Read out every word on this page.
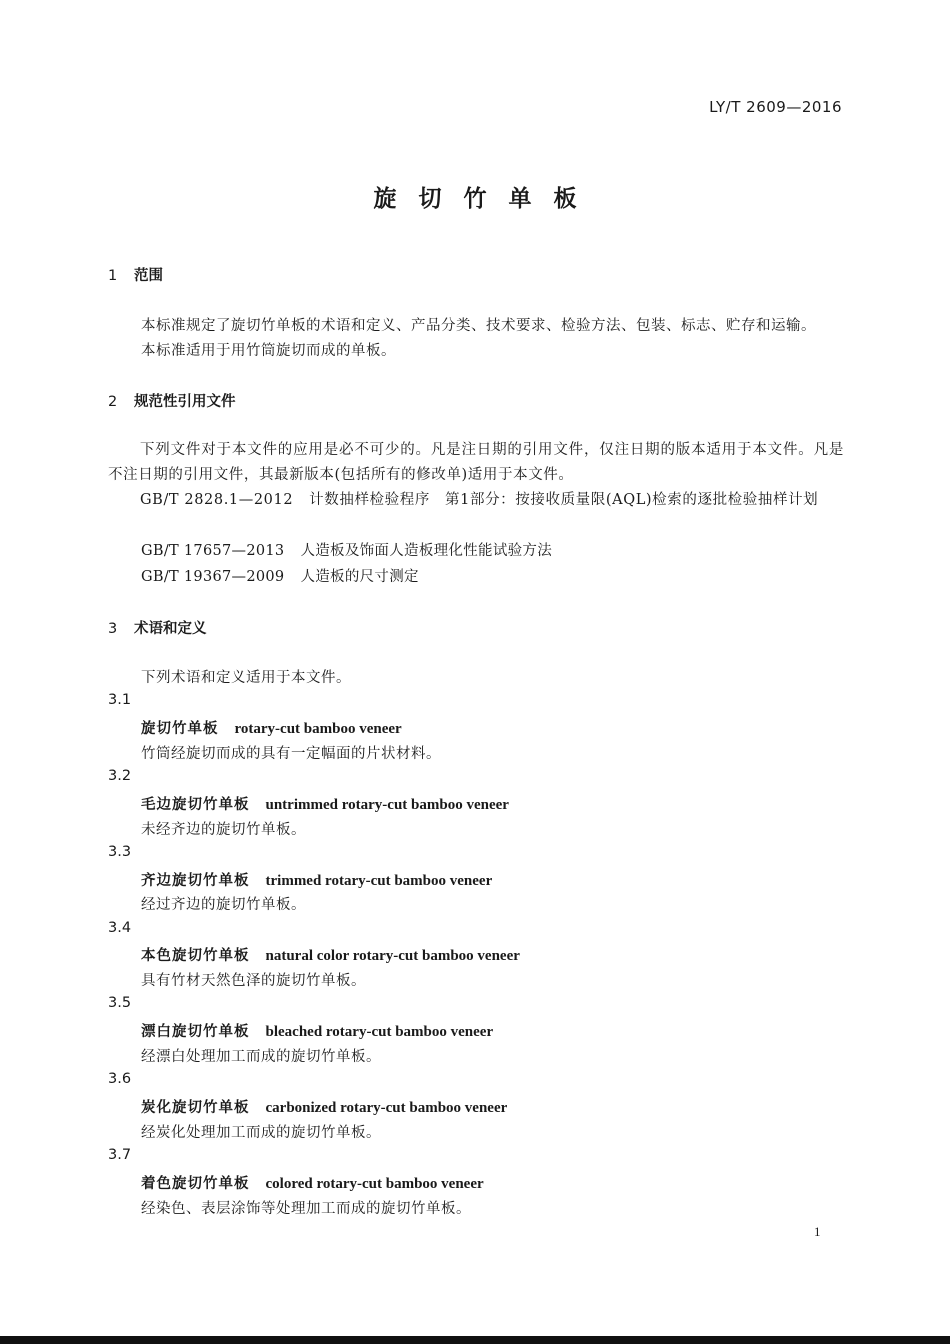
LY/T 2609—2016
旋切竹单板
1 范围
本标准规定了旋切竹单板的术语和定义、产品分类、技术要求、检验方法、包装、标志、贮存和运输。
本标准适用于用竹筒旋切而成的单板。
2 规范性引用文件
下列文件对于本文件的应用是必不可少的。凡是注日期的引用文件，仅注日期的版本适用于本文件。凡是不注日期的引用文件，其最新版本(包括所有的修改单)适用于本文件。
GB/T 2828.1—2012 计数抽样检验程序　第1部分：按接收质量限(AQL)检索的逐批检验抽样计划
GB/T 17657—2013 人造板及饰面人造板理化性能试验方法
GB/T 19367—2009 人造板的尺寸测定
3 术语和定义
下列术语和定义适用于本文件。
3.1
旋切竹单板 rotary-cut bamboo veneer
竹筒经旋切而成的具有一定幅面的片状材料。
3.2
毛边旋切竹单板 untrimmed rotary-cut bamboo veneer
未经齐边的旋切竹单板。
3.3
齐边旋切竹单板 trimmed rotary-cut bamboo veneer
经过齐边的旋切竹单板。
3.4
本色旋切竹单板 natural color rotary-cut bamboo veneer
具有竹材天然色泽的旋切竹单板。
3.5
漂白旋切竹单板 bleached rotary-cut bamboo veneer
经漂白处理加工而成的旋切竹单板。
3.6
炭化旋切竹单板 carbonized rotary-cut bamboo veneer
经炭化处理加工而成的旋切竹单板。
3.7
着色旋切竹单板 colored rotary-cut bamboo veneer
经染色、表层涂饰等处理加工而成的旋切竹单板。
1
